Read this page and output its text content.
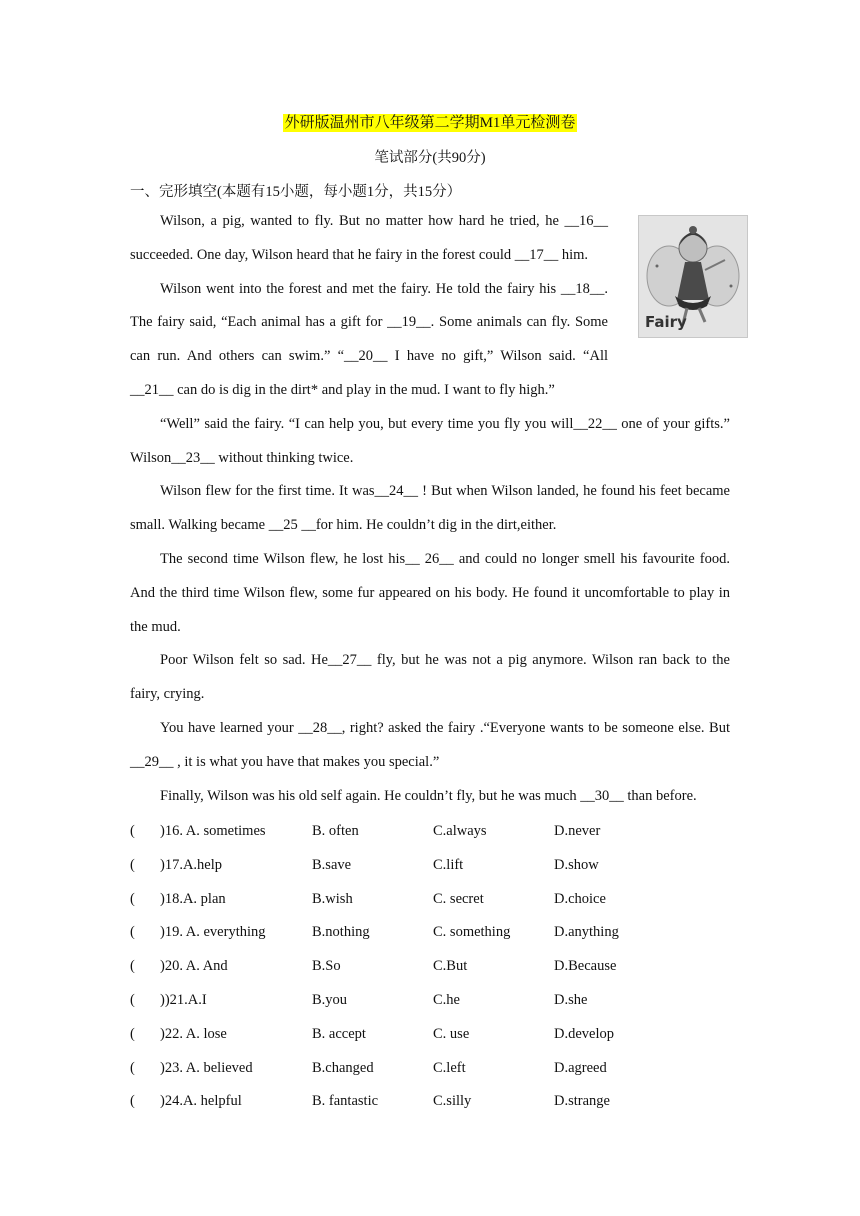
外研版温州市八年级第二学期M1单元检测卷
笔试部分(共90分)
一、完形填空(本题有15小题，每小题1分，共15分）
Fairy

Wilson, a pig, wanted to fly. But no matter how hard he tried, he __16__ succeeded. One day, Wilson heard that he fairy in the forest could __17__ him.

Wilson went into the forest and met the fairy. He told the fairy his __18__. The fairy said, “Each animal has a gift for __19__. Some animals can fly. Some can run. And others can swim.” “__20__ I have no gift,” Wilson said. “All __21__ can do is dig in the dirt* and play in the mud. I want to fly high.”

“Well” said the fairy. “I can help you, but every time you fly you will__22__ one of your gifts.” Wilson__23__ without thinking twice.

Wilson flew for the first time. It was__24__ ! But when Wilson landed, he found his feet became small. Walking became __25 __for him. He couldn’t dig in the dirt,either.

The second time Wilson flew, he lost his__ 26__ and could no longer smell his favourite food. And the third time Wilson flew, some fur appeared on his body. He found it uncomfortable to play in the mud.

Poor Wilson felt so sad. He__27__ fly, but he was not a pig anymore. Wilson ran back to the fairy, crying.

You have learned your __28__, right? asked the fairy .“Everyone wants to be someone else. But __29__ , it is what you have that makes you special.”

Finally, Wilson was his old self again. He couldn’t fly, but he was much __30__ than before.

( )16. A. sometimes	B. often	C.always	D.never
( )17.A.help	B.save	C.lift	D.show
( )18.A. plan	B.wish	C. secret	D.choice
( )19. A. everything	B.nothing	C. something	D.anything
( )20. A. And	B.So	C.But	D.Because
( ))21.A.I	B.you	C.he	D.she
( )22. A. lose	B. accept	C. use	D.develop
( )23. A. believed	B.changed	C.left	D.agreed
( )24.A. helpful	B. fantastic	C.silly	D.strange
